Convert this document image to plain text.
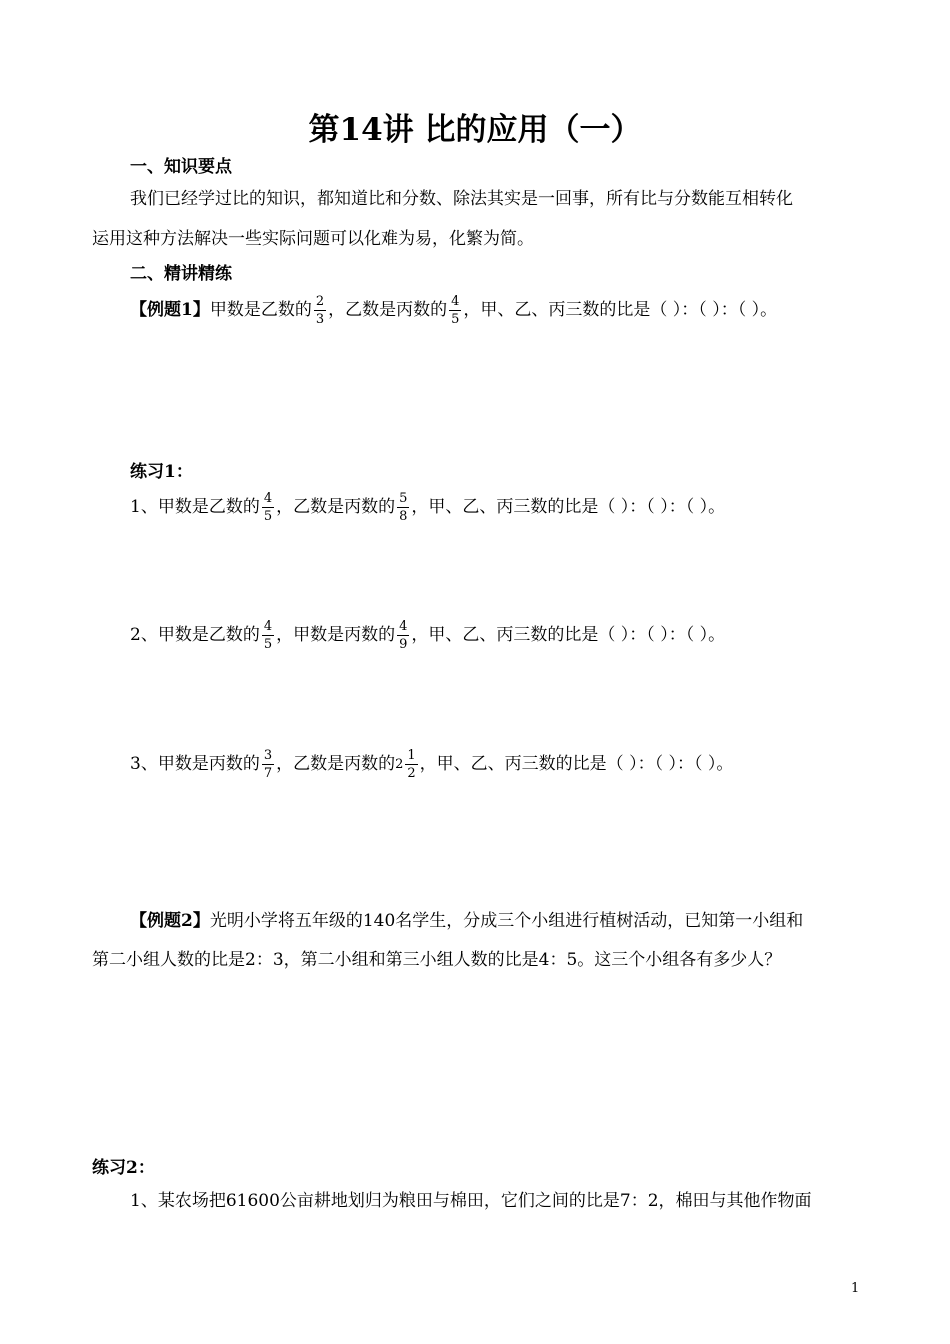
第14讲 比的应用（一）
一、知识要点
我们已经学过比的知识，都知道比和分数、除法其实是一回事，所有比与分数能互相转化
运用这种方法解决一些实际问题可以化难为易，化繁为简。
二、精讲精练
【例题1】甲数是乙数的 $\frac{2}{3}$ ，乙数是丙数的 $\frac{4}{5}$ ，甲、乙、丙三数的比是（ ）：（ ）：（ ）。
练习1：
1、甲数是乙数的 $\frac{4}{5}$ ，乙数是丙数的 $\frac{5}{8}$ ，甲、乙、丙三数的比是（ ）：（ ）：（ ）。
2、甲数是乙数的 $\frac{4}{5}$ ，甲数是丙数的 $\frac{4}{9}$ ，甲、乙、丙三数的比是（ ）：（ ）：（ ）。
3、甲数是丙数的 $\frac{3}{7}$ ，乙数是丙数的$2 \frac{1}{2}$ ，甲、乙、丙三数的比是（ ）：（ ）：（ ）。
【例题2】光明小学将五年级的140名学生，分成三个小组进行植树活动，已知第一小组和
第二小组人数的比是2：3，第二小组和第三小组人数的比是4：5。这三个小组各有多少人？
练习2：
1、某农场把61600公亩耕地划归为粮田与棉田，它们之间的比是7：2，棉田与其他作物面
1
